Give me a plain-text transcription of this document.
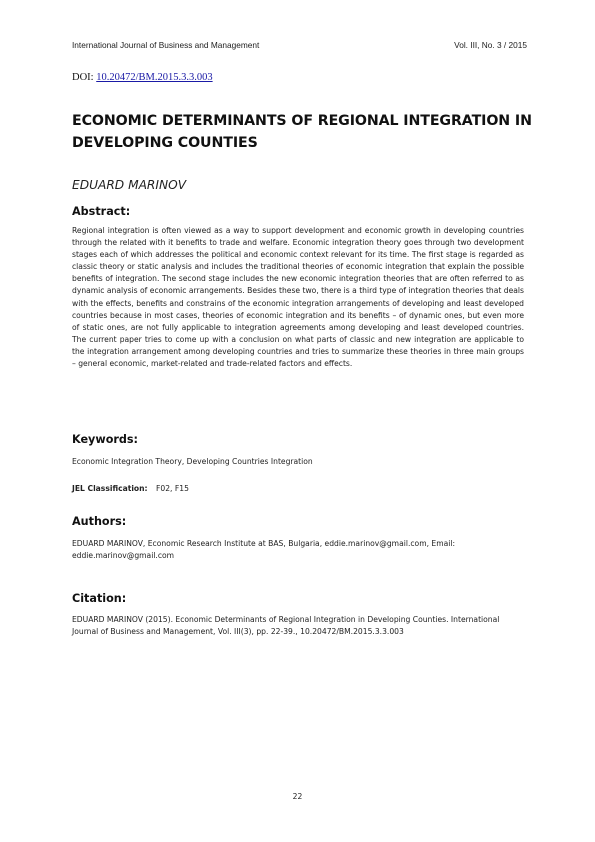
International Journal of Business and Management	Vol. III, No. 3 / 2015
DOI: 10.20472/BM.2015.3.3.003
ECONOMIC DETERMINANTS OF REGIONAL INTEGRATION IN DEVELOPING COUNTIES
EDUARD MARINOV
Abstract:
Regional integration is often viewed as a way to support development and economic growth in developing countries through the related with it benefits to trade and welfare. Economic integration theory goes through two development stages each of which addresses the political and economic context relevant for its time. The first stage is regarded as classic theory or static analysis and includes the traditional theories of economic integration that explain the possible benefits of integration. The second stage includes the new economic integration theories that are often referred to as dynamic analysis of economic arrangements. Besides these two, there is a third type of integration theories that deals with the effects, benefits and constrains of the economic integration arrangements of developing and least developed countries because in most cases, theories of economic integration and its benefits – of dynamic ones, but even more of static ones, are not fully applicable to integration agreements among developing and least developed countries. The current paper tries to come up with a conclusion on what parts of classic and new integration are applicable to the integration arrangement among developing countries and tries to summarize these theories in three main groups – general economic, market-related and trade-related factors and effects.
Keywords:
Economic Integration Theory, Developing Countries Integration
JEL Classification: F02, F15
Authors:
EDUARD MARINOV, Economic Research Institute at BAS, Bulgaria, eddie.marinov@gmail.com, Email: eddie.marinov@gmail.com
Citation:
EDUARD MARINOV (2015). Economic Determinants of Regional Integration in Developing Counties. International Journal of Business and Management, Vol. III(3), pp. 22-39., 10.20472/BM.2015.3.3.003
22
